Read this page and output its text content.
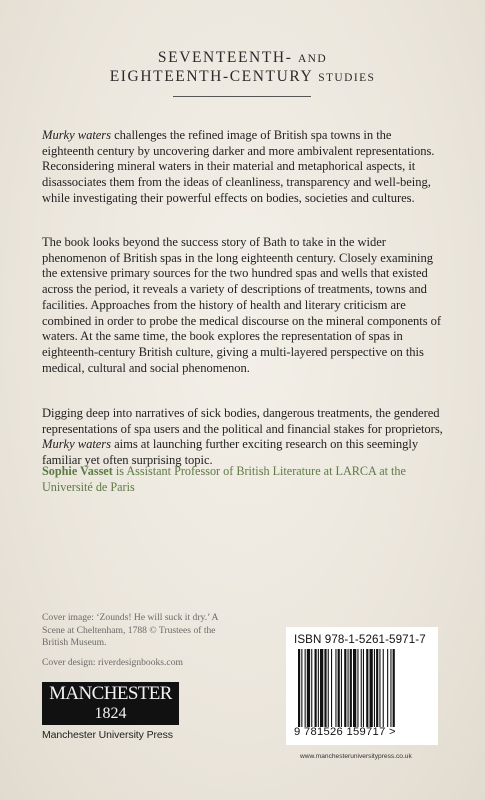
SEVENTEENTH- AND
EIGHTEENTH-CENTURY STUDIES
Murky waters challenges the refined image of British spa towns in the eighteenth century by uncovering darker and more ambivalent representations. Reconsidering mineral waters in their material and metaphorical aspects, it disassociates them from the ideas of cleanliness, transparency and well-being, while investigating their powerful effects on bodies, societies and cultures.
The book looks beyond the success story of Bath to take in the wider phenomenon of British spas in the long eighteenth century. Closely examining the extensive primary sources for the two hundred spas and wells that existed across the period, it reveals a variety of descriptions of treatments, towns and facilities. Approaches from the history of health and literary criticism are combined in order to probe the medical discourse on the mineral components of waters. At the same time, the book explores the representation of spas in eighteenth-century British culture, giving a multi-layered perspective on this medical, cultural and social phenomenon.
Digging deep into narratives of sick bodies, dangerous treatments, the gendered representations of spa users and the political and financial stakes for proprietors, Murky waters aims at launching further exciting research on this seemingly familiar yet often surprising topic.
Sophie Vasset is Assistant Professor of British Literature at LARCA at the Université de Paris
Cover image: ‘Zounds! He will suck it dry.’ A Scene at Cheltenham, 1788 © Trustees of the British Museum.
Cover design: riverdesignbooks.com
MANCHESTER
1824
Manchester University Press
ISBN 978-1-5261-5971-7
9 781526 159717 >
www.manchesteruniversitypress.co.uk
